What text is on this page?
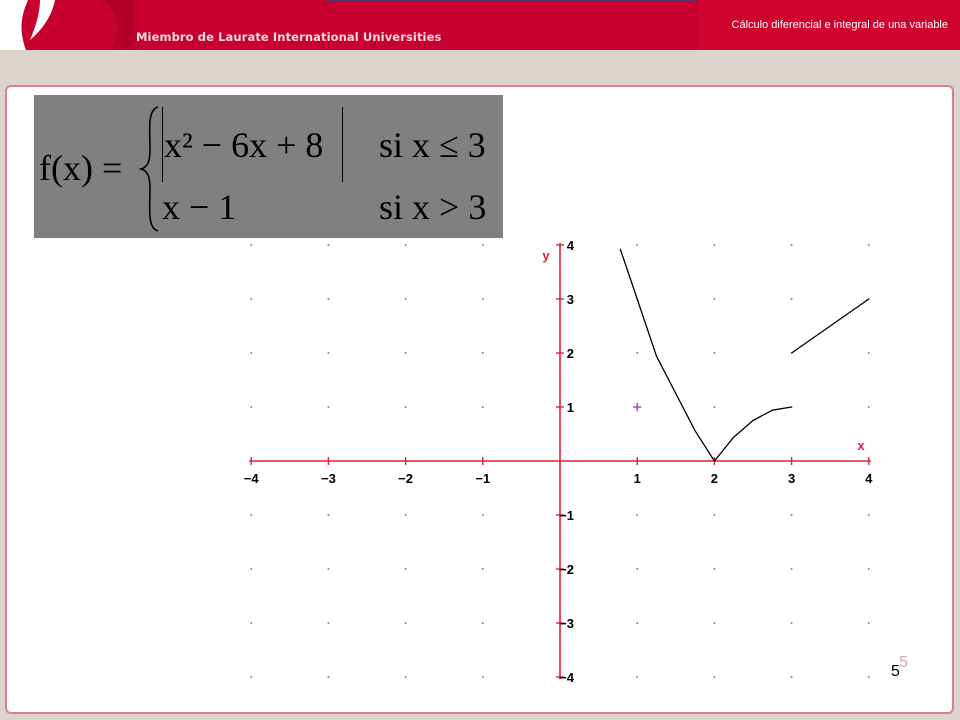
Miembro de Laurate International Universities
Cálculo diferencial e integral de una variable
f(x) =
x² − 6x + 8 si x ≤ 3
x − 1	si x > 3
−4	−3	−2	−1	1	2	3	4
4
3
2
1
−1
−2
−3
−4
x
y
5
5
